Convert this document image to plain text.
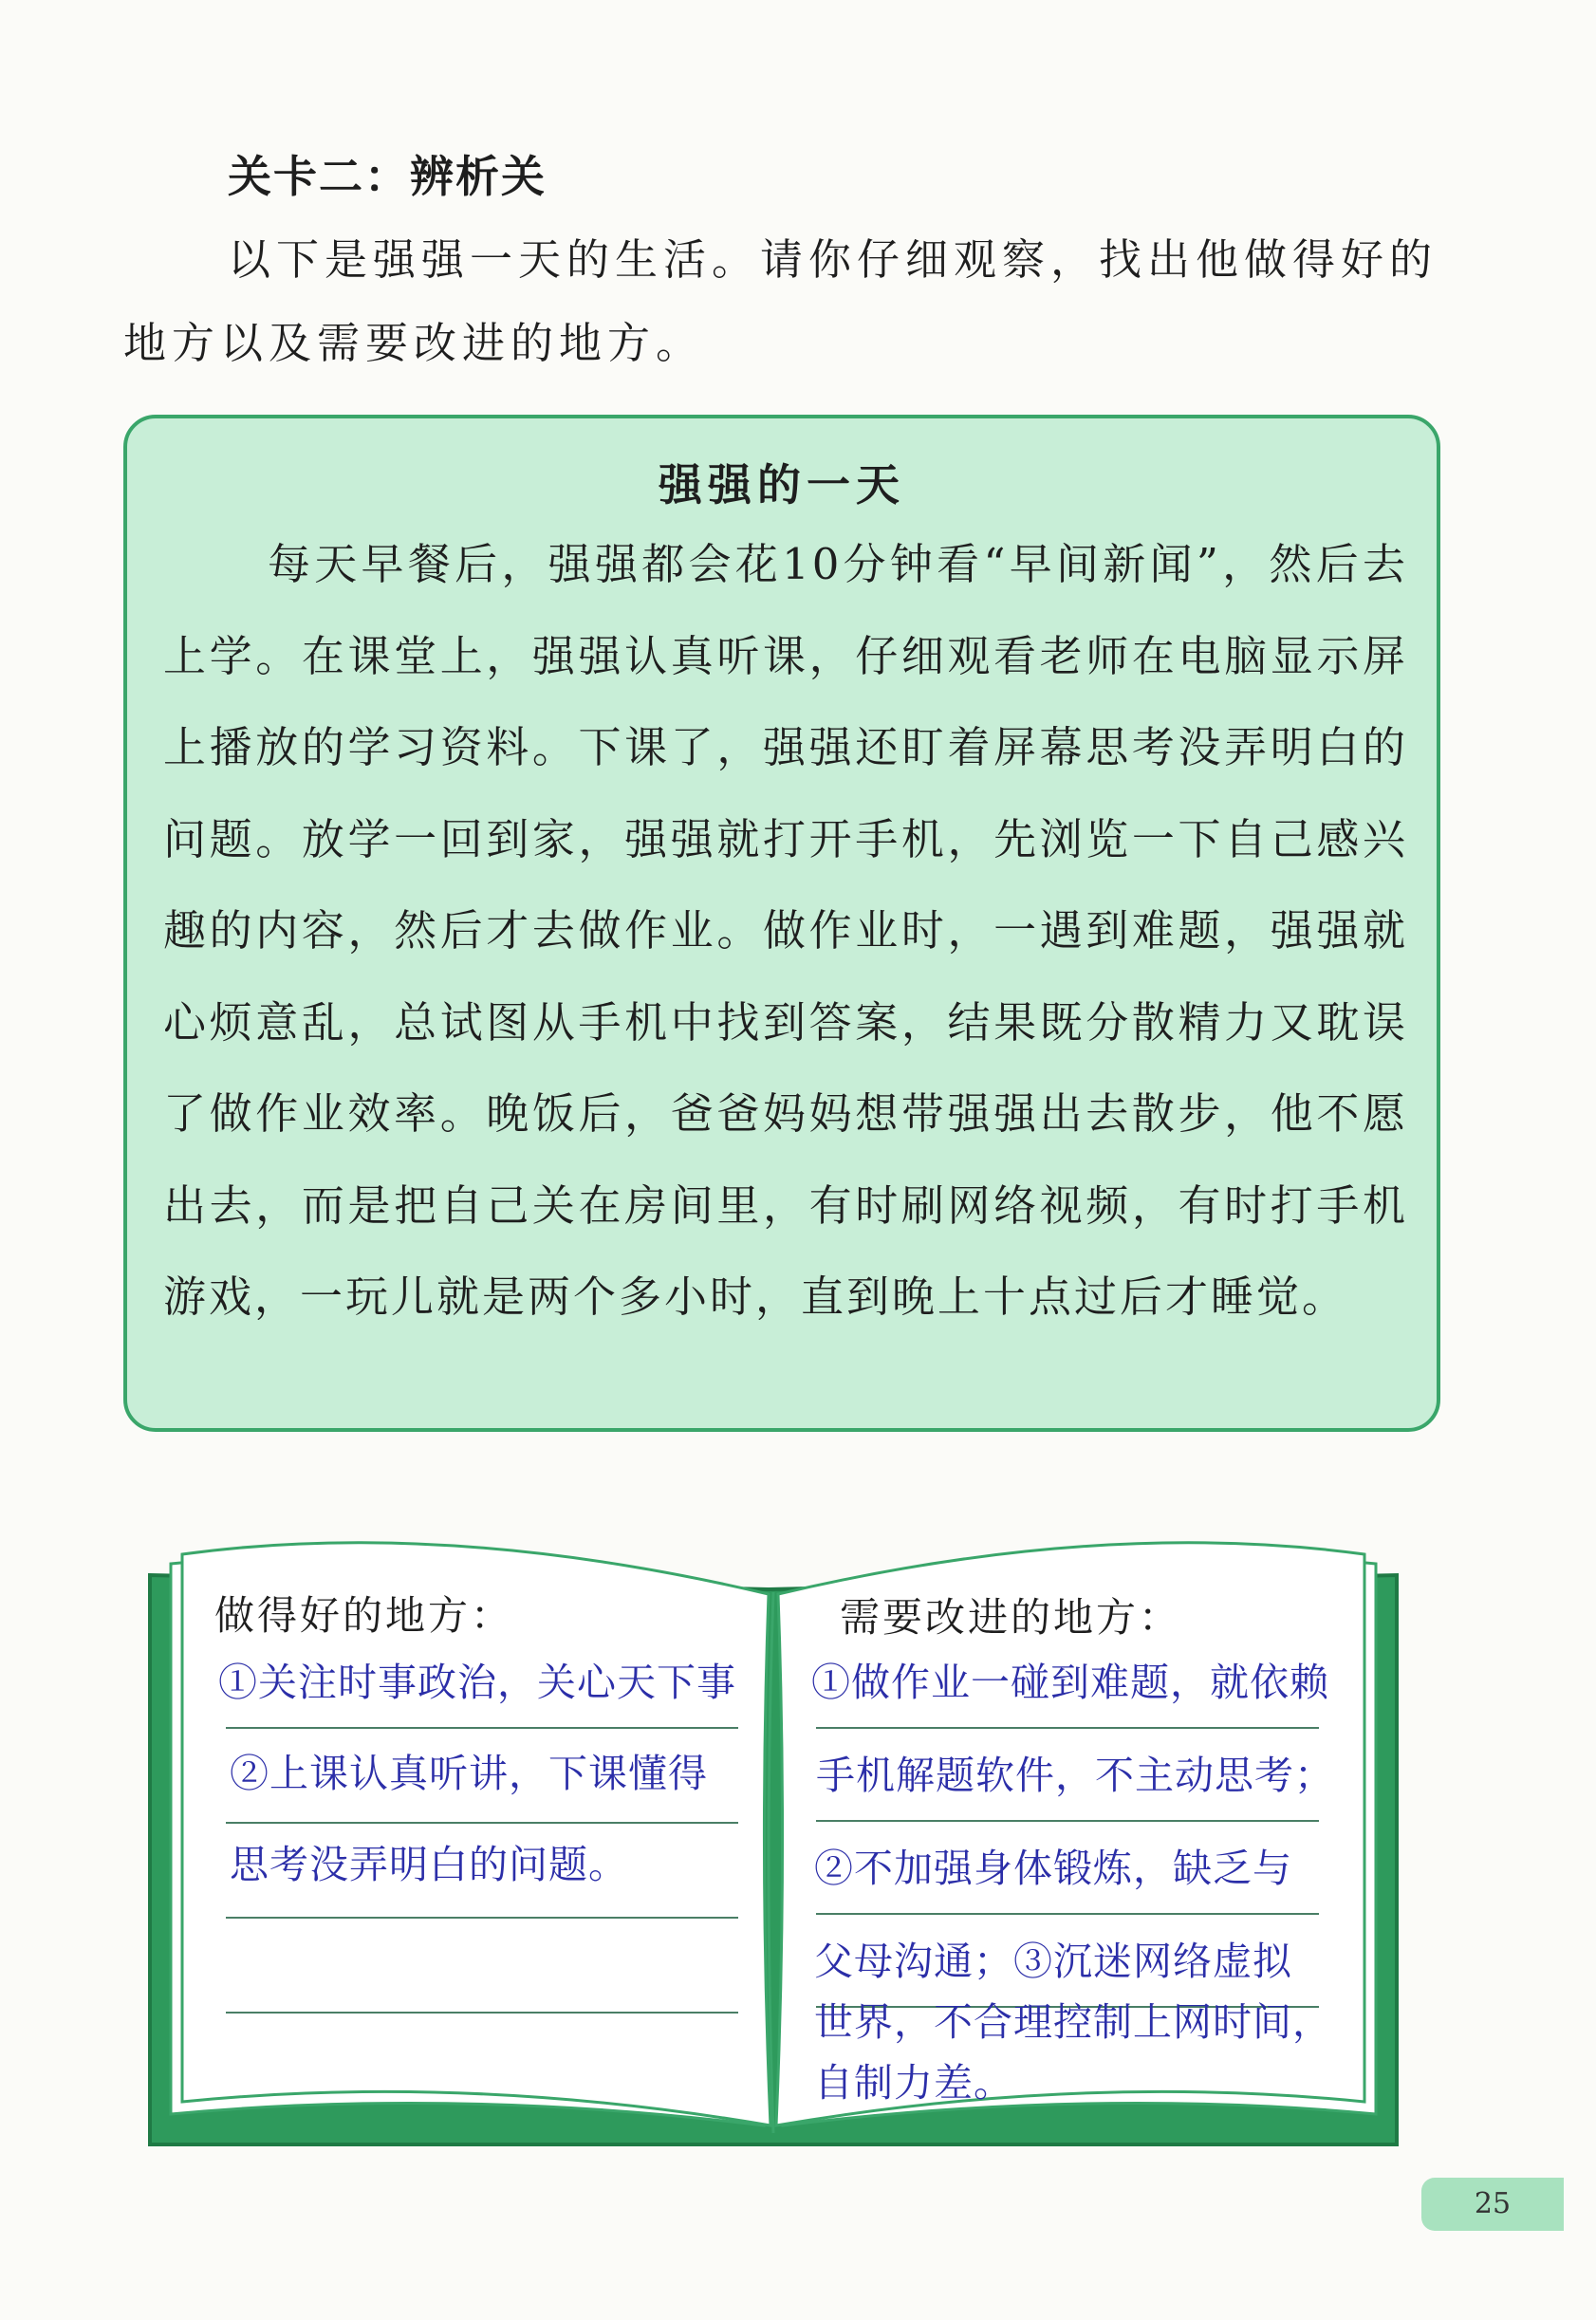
关卡二：辨析关
以下是强强一天的生活。请你仔细观察，找出他做得好的地方以及需要改进的地方。
强强的一天
每天早餐后，强强都会花10分钟看“早间新闻”，然后去上学。在课堂上，强强认真听课，仔细观看老师在电脑显示屏上播放的学习资料。下课了，强强还盯着屏幕思考没弄明白的问题。放学一回到家，强强就打开手机，先浏览一下自己感兴趣的内容，然后才去做作业。做作业时，一遇到难题，强强就心烦意乱，总试图从手机中找到答案，结果既分散精力又耽误了做作业效率。晚饭后，爸爸妈妈想带强强出去散步，他不愿出去，而是把自己关在房间里，有时刷网络视频，有时打手机游戏，一玩儿就是两个多小时，直到晚上十点过后才睡觉。
做得好的地方：	需要改进的地方：
①关注时事政治，关心天下事
②上课认真听讲，下课懂得
思考没弄明白的问题。
①做作业一碰到难题，就依赖
手机解题软件，不主动思考；
②不加强身体锻炼，缺乏与
父母沟通；③沉迷网络虚拟
世界，不合理控制上网时间，
自制力差。
25
